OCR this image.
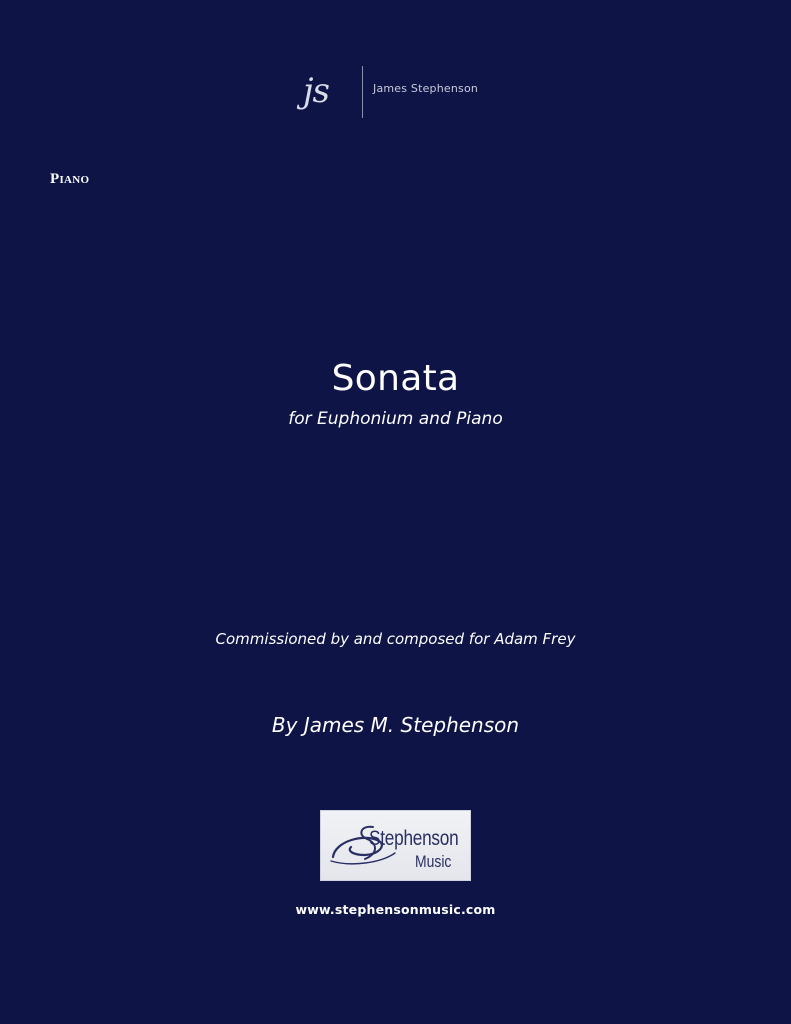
js	James Stephenson
Piano
Sonata
for Euphonium and Piano
Commissioned by and composed for Adam Frey
By James M. Stephenson
Stephenson
Music
www.stephensonmusic.com
